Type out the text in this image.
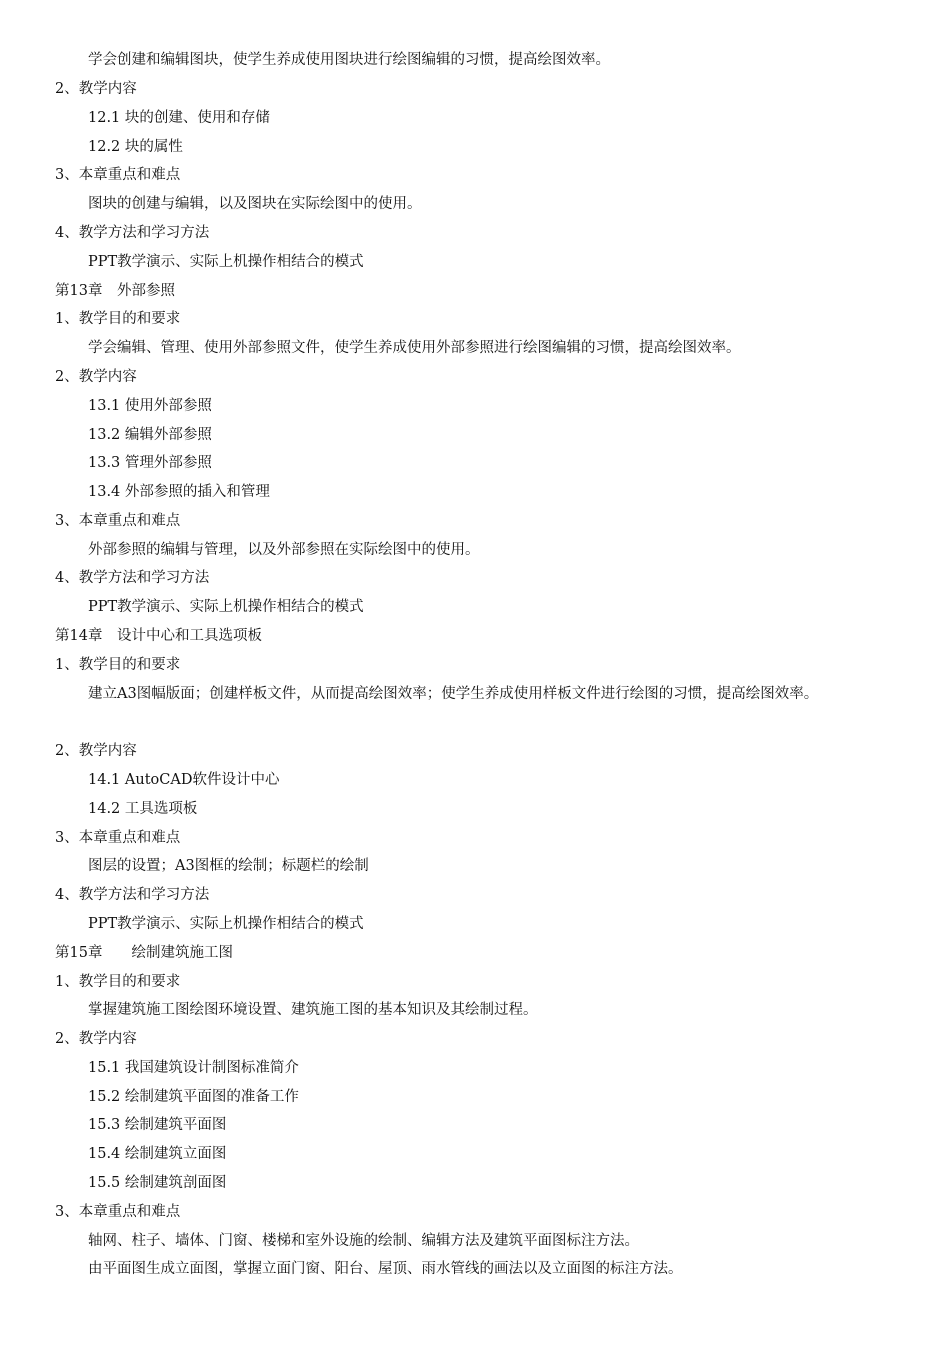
学会创建和编辑图块，使学生养成使用图块进行绘图编辑的习惯，提高绘图效率。
2、教学内容
12.1 块的创建、使用和存储
12.2 块的属性
3、本章重点和难点
图块的创建与编辑，以及图块在实际绘图中的使用。
4、教学方法和学习方法
PPT教学演示、实际上机操作相结合的模式
第13章　外部参照
1、教学目的和要求
学会编辑、管理、使用外部参照文件，使学生养成使用外部参照进行绘图编辑的习惯，提高绘图效率。
2、教学内容
13.1 使用外部参照
13.2 编辑外部参照
13.3 管理外部参照
13.4 外部参照的插入和管理
3、本章重点和难点
外部参照的编辑与管理，以及外部参照在实际绘图中的使用。
4、教学方法和学习方法
PPT教学演示、实际上机操作相结合的模式
第14章　设计中心和工具选项板
1、教学目的和要求
建立A3图幅版面；创建样板文件，从而提高绘图效率；使学生养成使用样板文件进行绘图的习惯，提高绘图效率。
2、教学内容
14.1 AutoCAD软件设计中心
14.2 工具选项板
3、本章重点和难点
图层的设置；A3图框的绘制；标题栏的绘制
4、教学方法和学习方法
PPT教学演示、实际上机操作相结合的模式
第15章　　绘制建筑施工图
1、教学目的和要求
掌握建筑施工图绘图环境设置、建筑施工图的基本知识及其绘制过程。
2、教学内容
15.1 我国建筑设计制图标准简介
15.2 绘制建筑平面图的准备工作
15.3 绘制建筑平面图
15.4 绘制建筑立面图
15.5 绘制建筑剖面图
3、本章重点和难点
轴网、柱子、墙体、门窗、楼梯和室外设施的绘制、编辑方法及建筑平面图标注方法。
由平面图生成立面图，掌握立面门窗、阳台、屋顶、雨水管线的画法以及立面图的标注方法。
